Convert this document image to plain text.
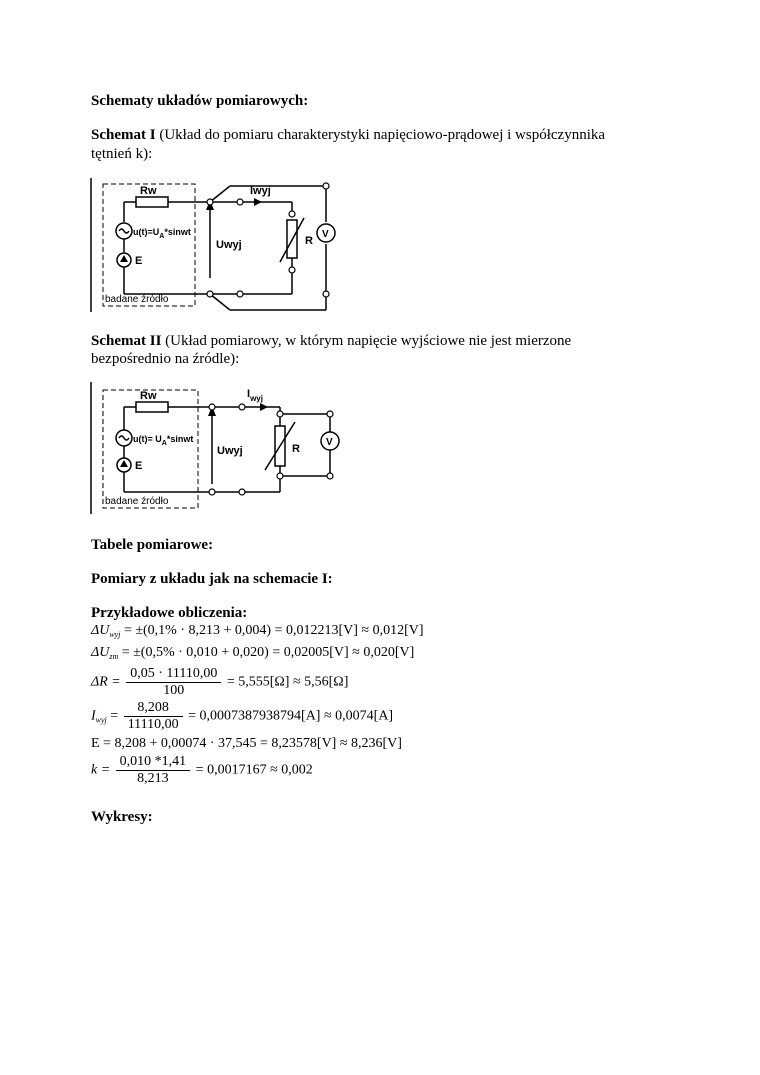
Schematy układów pomiarowych:
Schemat I (Układ do pomiaru charakterystyki napięciowo-prądowej i współczynnika
tętnień k):
Rw
$u(t)=U_A*sinwt$
E
Uwyj
Iwyj
R
V
badane źródło
Schemat II (Układ pomiarowy, w którym napięcie wyjściowe nie jest mierzone
bezpośrednio na źródle):
Rw
$u(t)= U_A*sinwt$
E
Uwyj
$I_{wyj}$
R
V
badane źródło
Tabele pomiarowe:
Pomiary z układu jak na schemacie I:
Przykładowe obliczenia:
$\Delta U_{wyj} = \pm(0,1\% \cdot 8,213 + 0,004) = 0,012213[V] \approx 0,012[V]$
$\Delta U_{zm} = \pm(0,5\% \cdot 0,010 + 0,020) = 0,02005[V] \approx 0,020[V]$
$\Delta R = \frac{0,05 \cdot 11110,00}{100} = 5,555[\Omega] \approx 5,56[\Omega]$
$I_{wyj} = \frac{8,208}{11110,00} = 0,0007387938794[A] \approx 0,0074[A]$
E = 8,208 + 0,00074 · 37,545 = 8,23578[V] ≈ 8,236[V]
$k = \frac{0,010 *1,41}{8,213} = 0,0017167 \approx 0,002$
Wykresy:
